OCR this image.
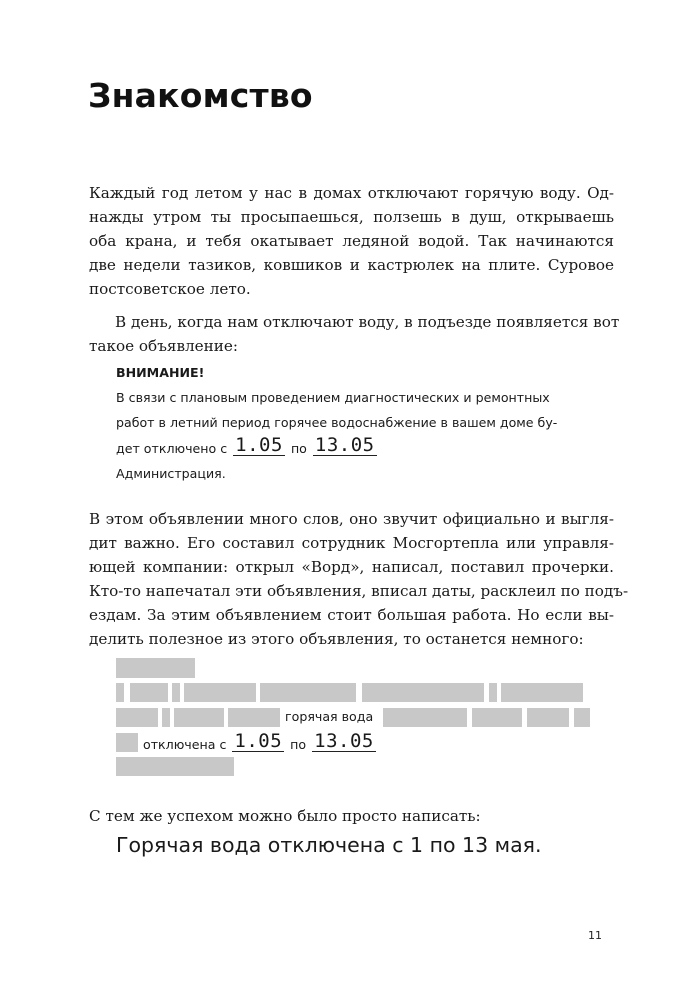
Знакомство
Каждый год летом у нас в домах отключают горячую воду. Од-
нажды утром ты просыпаешься, ползешь в душ, открываешь
оба крана, и тебя окатывает ледяной водой. Так начинаются
две недели тазиков, ковшиков и кастрюлек на плите. Суровое
постсоветское лето.
В день, когда нам отключают воду, в подъезде появляется вот
такое объявление:
ВНИМАНИЕ!
В связи с плановым проведением диагностических и ремонтных
работ в летний период горячее водоснабжение в вашем доме бу-
дет отключено с 1.05 по 13.05
Администрация.
В этом объявлении много слов, оно звучит официально и выгля-
дит важно. Его составил сотрудник Мосгортепла или управля-
ющей компании: открыл «Ворд», написал, поставил прочерки.
Кто-то напечатал эти объявления, вписал даты, расклеил по подъ-
ездам. За этим объявлением стоит большая работа. Но если вы-
делить полезное из этого объявления, то останется немного:
горячая вода
отключена с 1.05 по 13.05
С тем же успехом можно было просто написать:
Горячая вода отключена с 1 по 13 мая.
11
